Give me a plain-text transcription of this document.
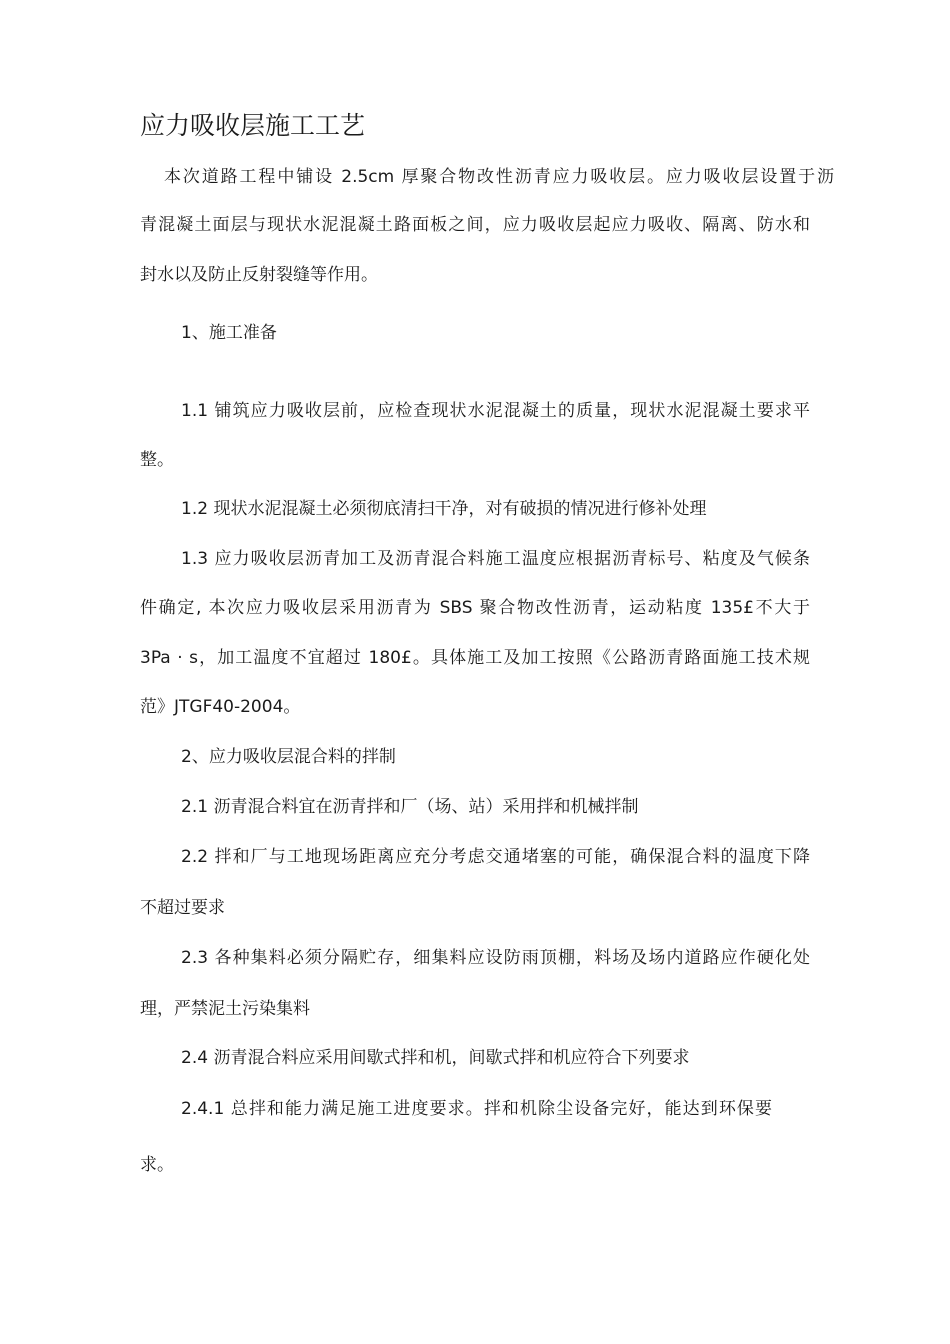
应力吸收层施工工艺

本次道路工程中铺设 2.5cm 厚聚合物改性沥青应力吸收层。应力吸收层设置于沥

青混凝土面层与现状水泥混凝土路面板之间，应力吸收层起应力吸收、隔离、防水和

封水以及防止反射裂缝等作用。

1、施工准备

1.1 铺筑应力吸收层前，应检查现状水泥混凝土的质量，现状水泥混凝土要求平

整。

1.2 现状水泥混凝土必须彻底清扫干净，对有破损的情况进行修补处理

1.3 应力吸收层沥青加工及沥青混合料施工温度应根据沥青标号、粘度及气候条

件确定, 本次应力吸收层采用沥青为 SBS 聚合物改性沥青，运动粘度 135£不大于

3Pa · s，加工温度不宜超过 180£。具体施工及加工按照《公路沥青路面施工技术规

范》JTGF40-2004。

2、应力吸收层混合料的拌制

2.1 沥青混合料宜在沥青拌和厂（场、站）采用拌和机械拌制

2.2 拌和厂与工地现场距离应充分考虑交通堵塞的可能，确保混合料的温度下降

不超过要求

2.3 各种集料必须分隔贮存，细集料应设防雨顶棚，料场及场内道路应作硬化处

理，严禁泥土污染集料

2.4 沥青混合料应采用间歇式拌和机，间歇式拌和机应符合下列要求

2.4.1 总拌和能力满足施工进度要求。拌和机除尘设备完好，能达到环保要

求。
